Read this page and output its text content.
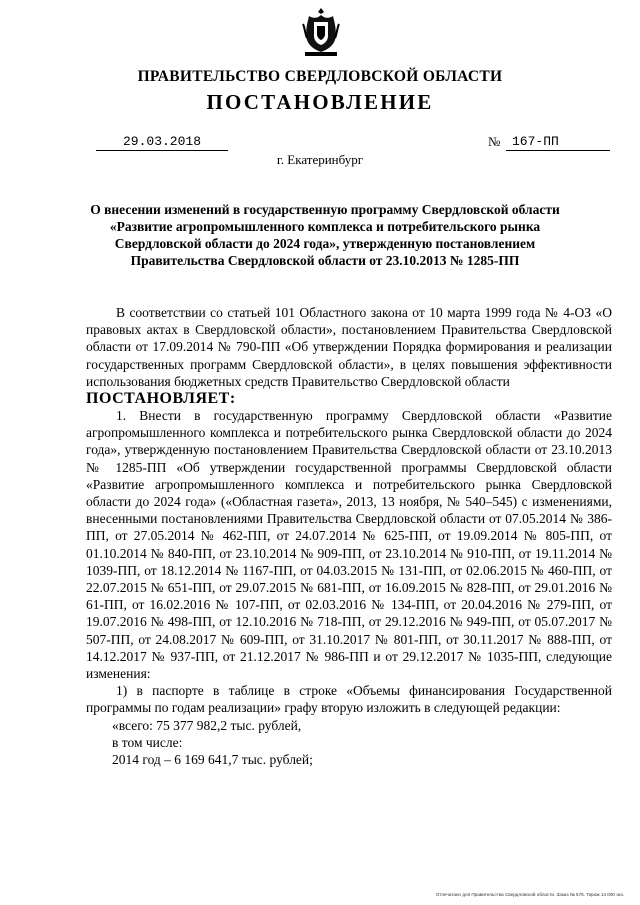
ПРАВИТЕЛЬСТВО СВЕРДЛОВСКОЙ ОБЛАСТИ
ПОСТАНОВЛЕНИЕ
29.03.2018	№ 167-ПП
г. Екатеринбург
О внесении изменений в государственную программу Свердловской области
«Развитие агропромышленного комплекса и потребительского рынка
Свердловской области до 2024 года», утвержденную постановлением
Правительства Свердловской области от 23.10.2013 № 1285-ПП

В соответствии со статьей 101 Областного закона от 10 марта 1999 года № 4-ОЗ «О правовых актах в Свердловской области», постановлением Правительства Свердловской области от 17.09.2014 № 790-ПП «Об утверждении Порядка формирования и реализации государственных программ Свердловской области», в целях повышения эффективности использования бюджетных средств Правительство Свердловской области

ПОСТАНОВЛЯЕТ:

1. Внести в государственную программу Свердловской области «Развитие агропромышленного комплекса и потребительского рынка Свердловской области до 2024 года», утвержденную постановлением Правительства Свердловской области от 23.10.2013 № 1285-ПП «Об утверждении государственной программы Свердловской области «Развитие агропромышленного комплекса и потребительского рынка Свердловской области до 2024 года» («Областная газета», 2013, 13 ноября, № 540–545) с изменениями, внесенными постановлениями Правительства Свердловской области от 07.05.2014 № 386-ПП, от 27.05.2014 № 462-ПП, от 24.07.2014 № 625-ПП, от 19.09.2014 № 805-ПП, от 01.10.2014 № 840-ПП, от 23.10.2014 № 909-ПП, от 23.10.2014 № 910-ПП, от 19.11.2014 № 1039-ПП, от 18.12.2014 № 1167-ПП, от 04.03.2015 № 131-ПП, от 02.06.2015 № 460-ПП, от 22.07.2015 № 651-ПП, от 29.07.2015 № 681-ПП, от 16.09.2015 № 828-ПП, от 29.01.2016 № 61-ПП, от 16.02.2016 № 107-ПП, от 02.03.2016 № 134-ПП, от 20.04.2016 № 279-ПП, от 19.07.2016 № 498-ПП, от 12.10.2016 № 718-ПП, от 29.12.2016 № 949-ПП, от 05.07.2017 № 507-ПП, от 24.08.2017 № 609-ПП, от 31.10.2017 № 801-ПП, от 30.11.2017 № 888-ПП, от 14.12.2017 № 937-ПП, от 21.12.2017 № 986-ПП и от 29.12.2017 № 1035-ПП, следующие изменения:

1) в паспорте в таблице в строке «Объемы финансирования Государственной программы по годам реализации» графу вторую изложить в следующей редакции:

«всего: 75 377 982,2 тыс. рублей,

в том числе:

2014 год – 6 169 641,7 тыс. рублей;

Отпечатано для Правительства Свердловской области. Заказ № 575. Тираж 14 000 экз.
